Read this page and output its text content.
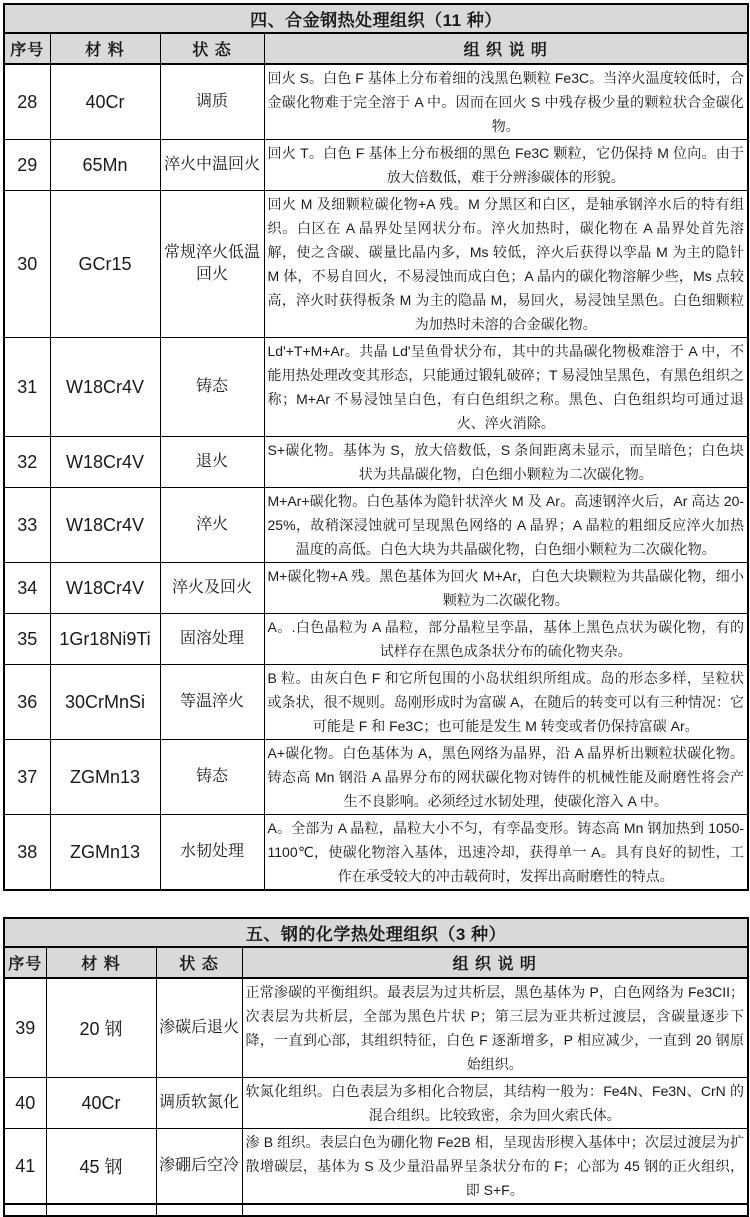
四、合金钢热处理组织（11 种）			
序号	材 料	状 态	组 织 说 明
28	40Cr	调质	回火 S。白色 F 基体上分布着细的浅黑色颗粒 Fe3C。当淬火温度较低时，合金碳化物难于完全溶于 A 中。因而在回火 S 中残存极少量的颗粒状合金碳化物。
29	65Mn	淬火中温回火	回火 T。白色 F 基体上分布极细的黑色 Fe3C 颗粒，它仍保持 M 位向。由于放大倍数低，难于分辨渗碳体的形貌。
30	GCr15	常规淬火低温回火	回火 M 及细颗粒碳化物+A 残。M 分黑区和白区，是轴承钢淬水后的特有组织。白区在 A 晶界处呈网状分布。淬火加热时，碳化物在 A 晶界处首先溶解，使之含碳、碳量比晶内多，Ms 较低，淬火后获得以孪晶 M 为主的隐针 M 体，不易自回火，不易浸蚀而成白色；A 晶内的碳化物溶解少些，Ms 点较高，淬火时获得板条 M 为主的隐晶 M，易回火，易浸蚀呈黑色。白色细颗粒为加热时未溶的合金碳化物。
31	W18Cr4V	铸态	Ld'+T+M+Ar。共晶 Ld'呈鱼骨状分布，其中的共晶碳化物极难溶于 A 中，不能用热处理改变其形态，只能通过锻轧破碎；T 易浸蚀呈黑色，有黑色组织之称；M+Ar 不易浸蚀呈白色，有白色组织之称。黑色、白色组织均可通过退火、淬火消除。
32	W18Cr4V	退火	S+碳化物。基体为 S，放大倍数低，S 条间距离未显示，而呈暗色；白色块状为共晶碳化物，白色细小颗粒为二次碳化物。
33	W18Cr4V	淬火	M+Ar+碳化物。白色基体为隐针状淬火 M 及 Ar。高速钢淬火后，Ar 高达 20-25%，故稍深浸蚀就可呈现黑色网络的 A 晶界；A 晶粒的粗细反应淬火加热温度的高低。白色大块为共晶碳化物，白色细小颗粒为二次碳化物。
34	W18Cr4V	淬火及回火	M+碳化物+A 残。黑色基体为回火 M+Ar，白色大块颗粒为共晶碳化物，细小颗粒为二次碳化物。
35	1Gr18Ni9Ti	固溶处理	A。.白色晶粒为 A 晶粒，部分晶粒呈孪晶，基体上黑色点状为碳化物，有的试样存在黑色成条状分布的硫化物夹杂。
36	30CrMnSi	等温淬火	B 粒。由灰白色 F 和它所包围的小岛状组织所组成。岛的形态多样，呈粒状或条状，很不规则。岛刚形成时为富碳 A，在随后的转变可以有三种情况：它可能是 F 和 Fe3C；也可能是发生 M 转变或者仍保持富碳 Ar。
37	ZGMn13	铸态	A+碳化物。白色基体为 A，黑色网络为晶界，沿 A 晶界析出颗粒状碳化物。铸态高 Mn 钢沿 A 晶界分布的网状碳化物对铸件的机械性能及耐磨性将会产生不良影响。必须经过水韧处理，使碳化溶入 A 中。
38	ZGMn13	水韧处理	A。全部为 A 晶粒，晶粒大小不匀，有孪晶变形。铸态高 Mn 钢加热到 1050-1100℃，使碳化物溶入基体，迅速冷却，获得单一 A。具有良好的韧性，工作在承受较大的冲击载荷时，发挥出高耐磨性的特点。
五、钢的化学热处理组织（3 种）			
序号	材 料	状 态	组 织 说 明
39	20 钢	渗碳后退火	正常渗碳的平衡组织。最表层为过共析层，黑色基体为 P，白色网络为 Fe3CII；次表层为共析层，全部为黑色片状 P；第三层为亚共析过渡层，含碳量逐步下降，一直到心部，其组织特征，白色 F 逐渐增多，P 相应减少，一直到 20 钢原始组织。
40	40Cr	调质软氮化	软氮化组织。白色表层为多相化合物层，其结构一般为：Fe4N、Fe3N、CrN 的混合组织。比较致密，余为回火索氏体。
41	45 钢	渗硼后空冷	渗 B 组织。表层白色为硼化物 Fe2B 相，呈现齿形楔入基体中；次层过渡层为扩散增碳层，基体为 S 及少量沿晶界呈条状分布的 F；心部为 45 钢的正火组织，即 S+F。
